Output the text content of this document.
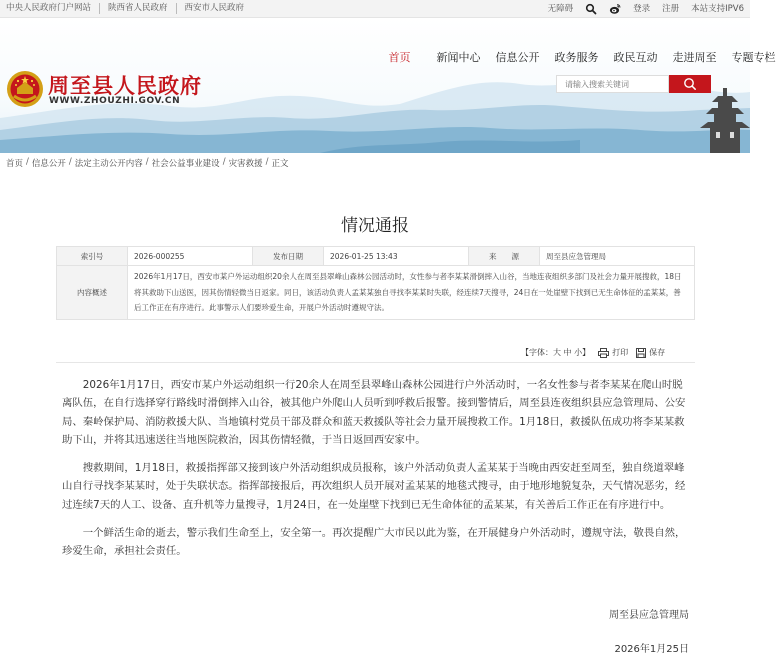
中央人民政府门户网站	陕西省人民政府	西安市人民政府	无障碍	登录 注册 本站支持IPV6
周至县人民政府
WWW.ZHOUZHI.GOV.CN
首页	新闻中心	信息公开	政务服务	政民互动	走进周至	专题专栏
请输入搜索关键词
首页 / 信息公开 / 法定主动公开内容 / 社会公益事业建设 / 灾害救援 / 正文
情况通报
索引号	2026-000255	发布日期	2026-01-25 13:43	来　　源	周至县应急管理局
内容概述	2026年1月17日，西安市某户外运动组织20余人在周至县翠峰山森林公园活动时，女性参与者李某某滑倒摔入山谷，当地连夜组织多部门及社会力量开展搜救，18日将其救助下山送医，因其伤情轻微当日返家。同日，该活动负责人孟某某独自寻找李某某时失联，经连续7天搜寻，24日在一处崖壁下找到已无生命体征的孟某某，善后工作正在有序进行。此事警示人们要珍爱生命，开展户外活动时遵规守法。				
【字体：大 中 小】	打印	保存

2026年1月17日，西安市某户外运动组织一行20余人在周至县翠峰山森林公园进行户外活动时，一名女性参与者李某某在爬山时脱离队伍，在自行选择穿行路线时滑倒摔入山谷，被其他户外爬山人员听到呼救后报警。接到警情后，周至县连夜组织县应急管理局、公安局、秦岭保护局、消防救援大队、当地镇村党员干部及群众和蓝天救援队等社会力量开展搜救工作。1月18日，救援队伍成功将李某某救助下山，并将其迅速送往当地医院救治，因其伤情轻微，于当日返回西安家中。

搜救期间，1月18日，救援指挥部又接到该户外活动组织成员报称，该户外活动负责人孟某某于当晚由西安赶至周至，独自绕道翠峰山自行寻找李某某时，处于失联状态。指挥部接报后，再次组织人员开展对孟某某的地毯式搜寻，由于地形地貌复杂，天气情况恶劣，经过连续7天的人工、设备、直升机等力量搜寻，1月24日，在一处崖壁下找到已无生命体征的孟某某，有关善后工作正在有序进行中。

一个鲜活生命的逝去，警示我们生命至上，安全第一。再次提醒广大市民以此为鉴，在开展健身户外活动时，遵规守法，敬畏自然，珍爱生命，承担社会责任。

周至县应急管理局
2026年1月25日
